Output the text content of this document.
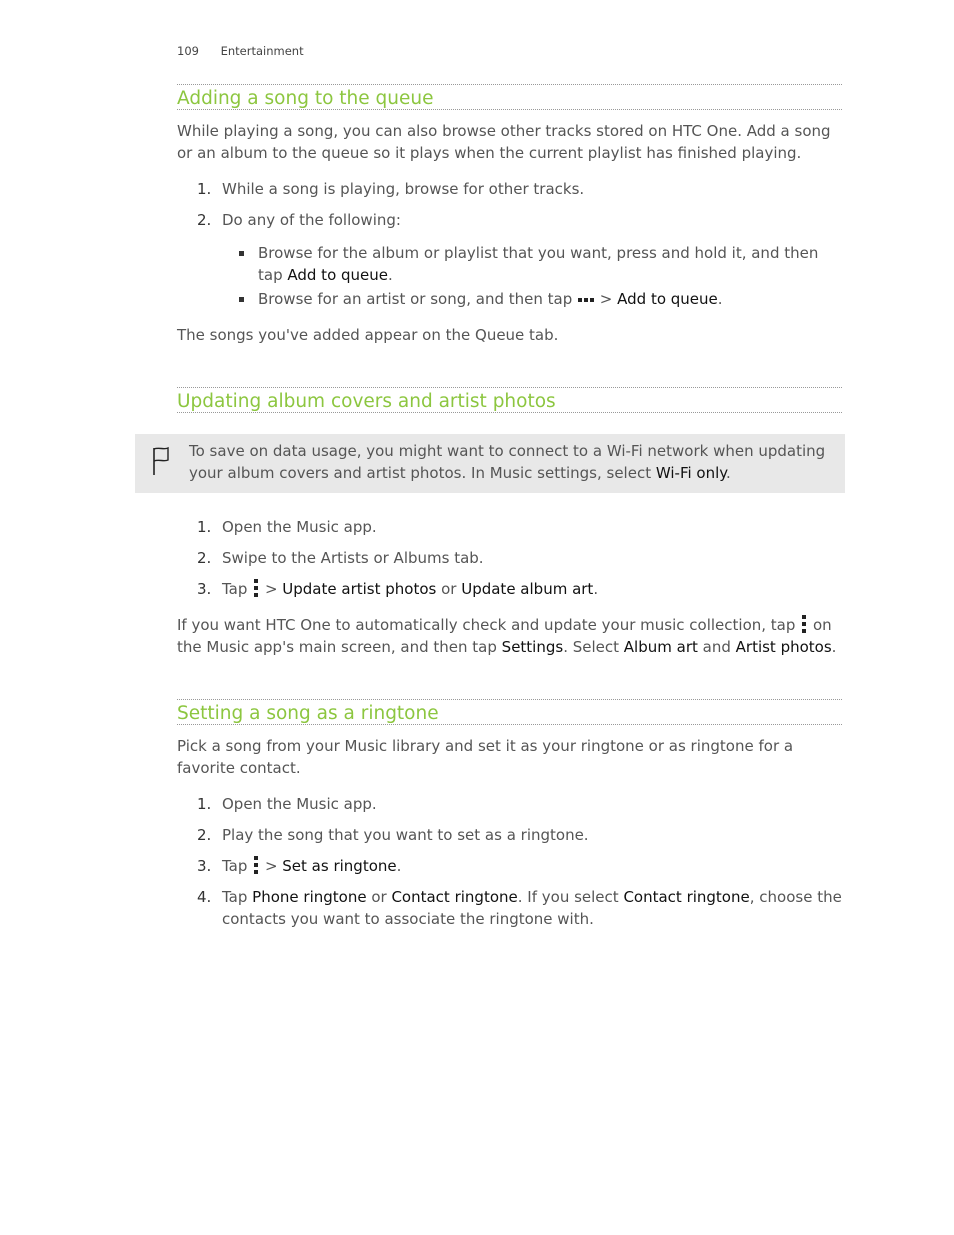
109 Entertainment
Adding a song to the queue

While playing a song, you can also browse other tracks stored on HTC One. Add a song or an album to the queue so it plays when the current playlist has finished playing.

1. While a song is playing, browse for other tracks.
2. Do any of the following:
Browse for the album or playlist that you want, press and hold it, and then tap Add to queue.
Browse for an artist or song, and then tap  > Add to queue.

The songs you've added appear on the Queue tab.

Updating album covers and artist photos

To save on data usage, you might want to connect to a Wi-Fi network when updating your album covers and artist photos. In Music settings, select Wi-Fi only.

1. Open the Music app.
2. Swipe to the Artists or Albums tab.
3. Tap  > Update artist photos or Update album art.

If you want HTC One to automatically check and update your music collection, tap  on the Music app's main screen, and then tap Settings. Select Album art and Artist photos.

Setting a song as a ringtone

Pick a song from your Music library and set it as your ringtone or as ringtone for a favorite contact.

1. Open the Music app.
2. Play the song that you want to set as a ringtone.
3. Tap  > Set as ringtone.
4. Tap Phone ringtone or Contact ringtone. If you select Contact ringtone, choose the contacts you want to associate the ringtone with.
